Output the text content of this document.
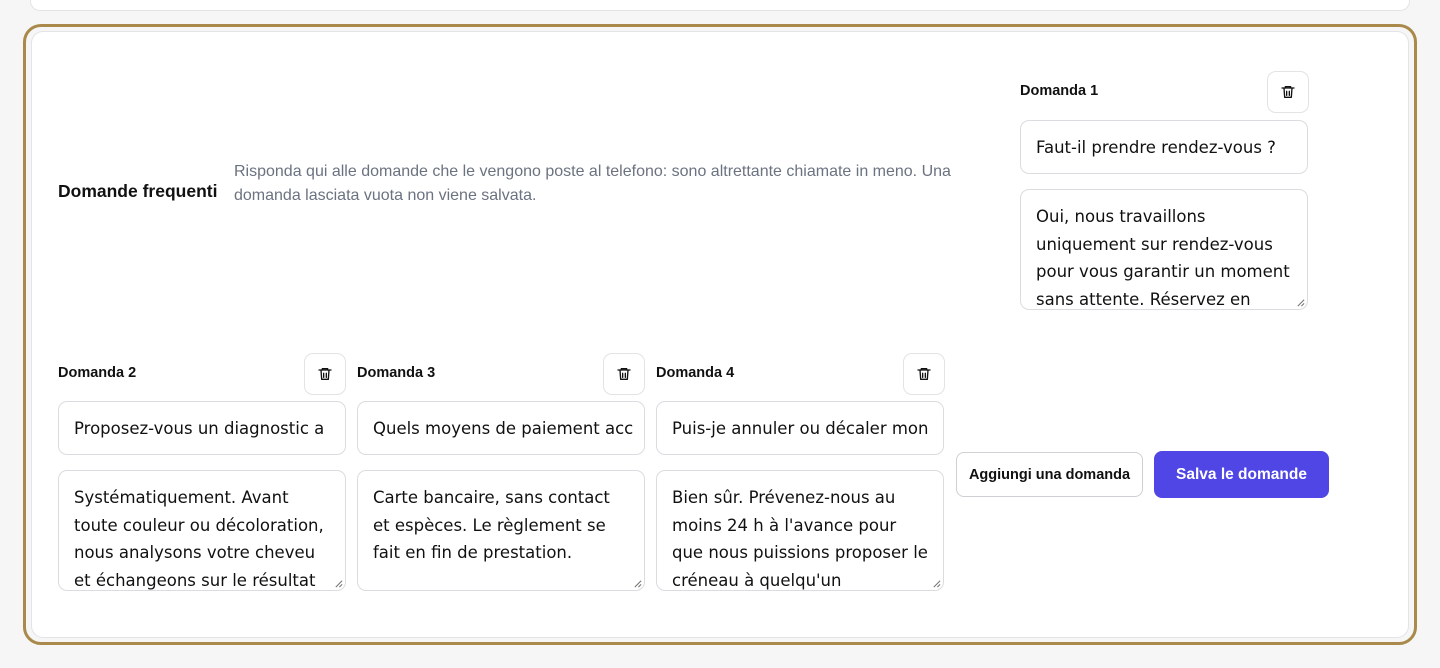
Domande frequenti
Risponda qui alle domande che le vengono poste al telefono: sono altrettante chiamate in meno. Una domanda lasciata vuota non viene salvata.
Domanda 1
Faut-il prendre rendez-vous ?
Oui, nous travaillons uniquement sur rendez-vous pour vous garantir un moment sans attente. Réservez en
Domanda 2
Proposez-vous un diagnostic a
Systématiquement. Avant toute couleur ou décoloration, nous analysons votre cheveu et échangeons sur le résultat
Domanda 3
Quels moyens de paiement acc
Carte bancaire, sans contact et espèces. Le règlement se fait en fin de prestation.
Domanda 4
Puis-je annuler ou décaler mon
Bien sûr. Prévenez-nous au moins 24 h à l'avance pour que nous puissions proposer le créneau à quelqu'un
Aggiungi una domanda	Salva le domande
